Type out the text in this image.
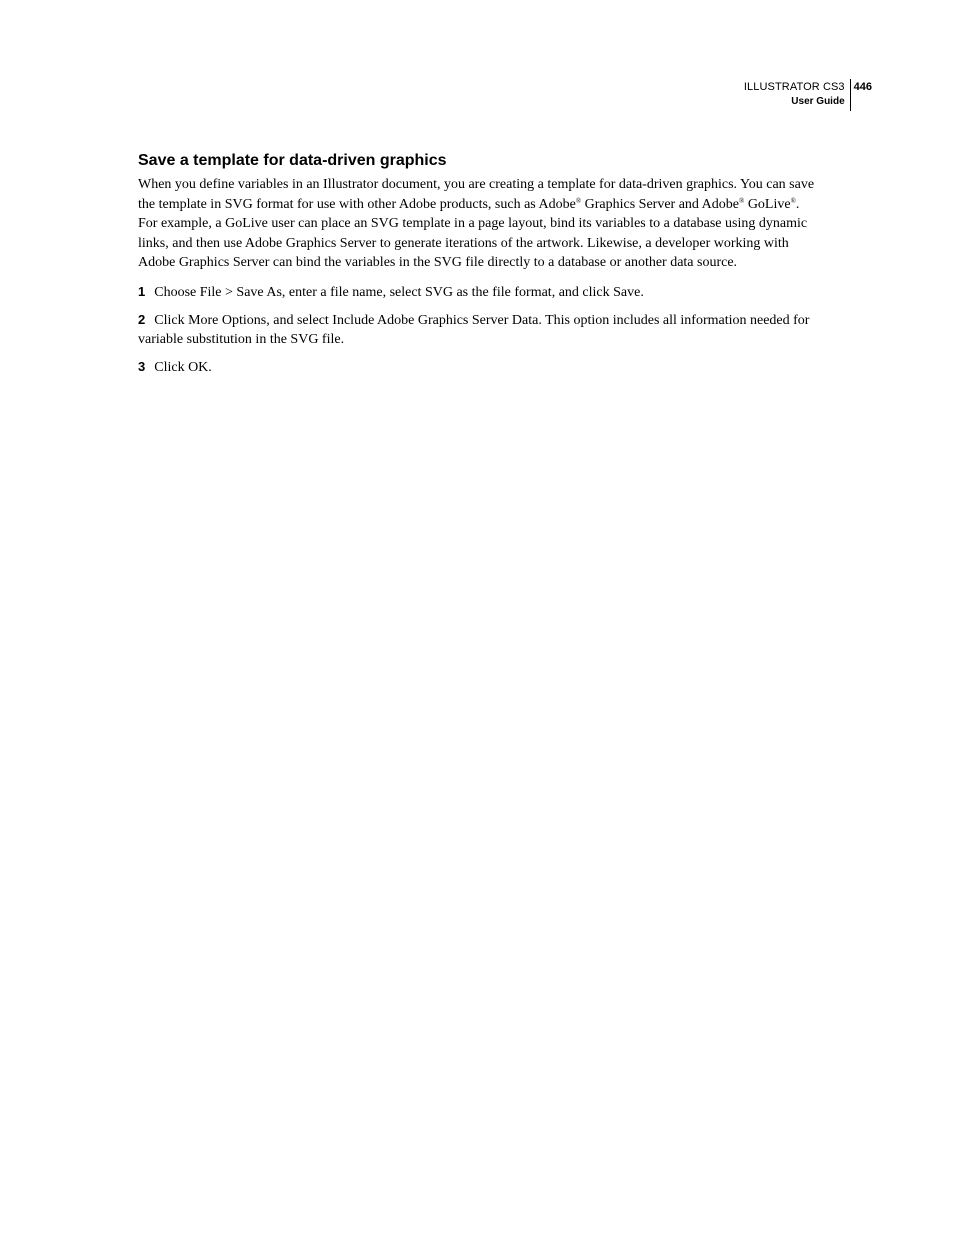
ILLUSTRATOR CS3
User Guide
446
Save a template for data-driven graphics

When you define variables in an Illustrator document, you are creating a template for data-driven graphics. You can save the template in SVG format for use with other Adobe products, such as Adobe® Graphics Server and Adobe® GoLive®. For example, a GoLive user can place an SVG template in a page layout, bind its variables to a database using dynamic links, and then use Adobe Graphics Server to generate iterations of the artwork. Likewise, a developer working with Adobe Graphics Server can bind the variables in the SVG file directly to a database or another data source.

1 Choose File > Save As, enter a file name, select SVG as the file format, and click Save.
2 Click More Options, and select Include Adobe Graphics Server Data. This option includes all information needed for variable substitution in the SVG file.
3 Click OK.
